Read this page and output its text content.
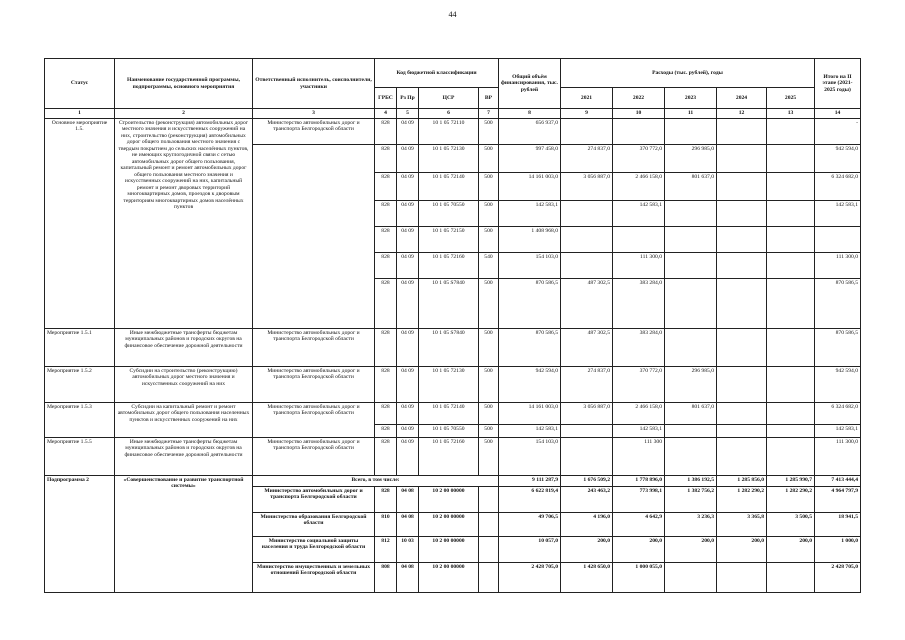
44
Статус	Наименование государственной программы, подпрограммы, основного мероприятия	Ответственный исполнитель, соисполнители, участники	Код бюджетной классификации				Общий объём финансирования, тыс. рублей	Расходы (тыс. рублей), годы					Итого на II этапе (2021-2025 годы)
			ГРБС	Рз Пр	ЦСР	ВР		2021	2022	2023	2024	2025	
1	2	3	4	5	6	7	8	9	10	11	12	13	14
Основное мероприятие 1.5.	Строительство (реконструкция) автомобильных дорог местного значения и искусственных сооружений на них, строительство (реконструкция) автомобильных дорог общего пользования местного значения с твердым покрытием до сельских населённых пунктов, не имеющих круглогодичной связи с сетью автомобильных дорог общего пользования, капитальный ремонт и ремонт автомобильных дорог общего пользования местного значения и искусственных сооружений на них, капитальный ремонт и ремонт дворовых территорий многоквартирных домов, проездов к дворовым территориям многоквартирных домов населённых пунктов	Министерство автомобильных дорог и транспорта Белгородской области	828	04 09	10 1 05 72110	500	656 937,0						-
			828	04 09	10 1 05 72130	500	997 458,0	274 837,0	370 772,0	296 985,0			942 594,0
			828	04 09	10 1 05 72140	500	14 161 003,0	3 056 887,0	2 466 158,0	801 637,0			6 324 682,0
			828	04 09	10 1 05 70550	500	142 583,1		142 583,1				142 583,1
			828	04 09	10 1 05 72150	500	1 408 968,0						
			828	04 09	10 1 05 72160	540	154 103,0		111 300,0				111 300,0
			828	04 09	10 1 05 S7840	500	870 586,5	487 302,5	383 284,0				870 586,5
Мероприятие 1.5.1	Иные межбюджетные трансферты бюджетам муниципальных районов и городских округов на финансовое обеспечение дорожной деятельности	Министерство автомобильных дорог и транспорта Белгородской области	828	04 09	10 1 05 S7840	500	870 586,5	487 302,5	383 284,0				870 586,5
Мероприятие 1.5.2	Субсидии на строительство (реконструкцию) автомобильных дорог местного значения и искусственных сооружений на них	Министерство автомобильных дорог и транспорта Белгородской области	828	04 09	10 1 05 72130	500	942 594,0	274 837,0	370 772,0	296 985,0			942 594,0
Мероприятие 1.5.3	Субсидии на капитальный ремонт и ремонт автомобильных дорог общего пользования населенных пунктов и искусственных сооружений на них	Министерство автомобильных дорог и транспорта Белгородской области	828	04 09	10 1 05 72140	500	14 161 003,0	3 056 887,0	2 466 158,0	801 637,0			6 324 682,0
			828	04 09	10 1 05 70550	500	142 583,1		142 583,1				142 583,1
Мероприятие 1.5.5	Иные межбюджетные трансферты бюджетам муниципальных районов и городских округов на финансовое обеспечение дорожной деятельности	Министерство автомобильных дорог и транспорта Белгородской области	828	04 09	10 1 05 72160	500	154 103,0		111 300				111 300,0
Подпрограмма 2	«Совершенствование и развитие транспортной системы»	Всего, в том числе:					9 111 287,9	1 676 509,2	1 778 896,0	1 386 192,5	1 285 856,0	1 285 990,7	7 413 444,4
		Министерство автомобильных дорог и транспорта Белгородской области	828	04 08	10 2 00 00000		6 622 819,4	243 463,2	773 998,1	1 382 756,2	1 282 290,2	1 282 290,2	4 964 797,9
		Министерство образования Белгородской области	810	04 08	10 2 00 00000		49 706,5	4 196,0	4 642,9	3 236,3	3 365,8	3 500,5	18 941,5
		Министерство социальной защиты населения и труда Белгородской области	812	10 03	10 2 00 00000		10 057,0	200,0	200,0	200,0	200,0	200,0	1 000,0
		Министерство имущественных и земельных отношений Белгородской области	808	04 08	10 2 00 00000		2 428 705,0	1 428 650,0	1 000 055,0				2 428 705,0
